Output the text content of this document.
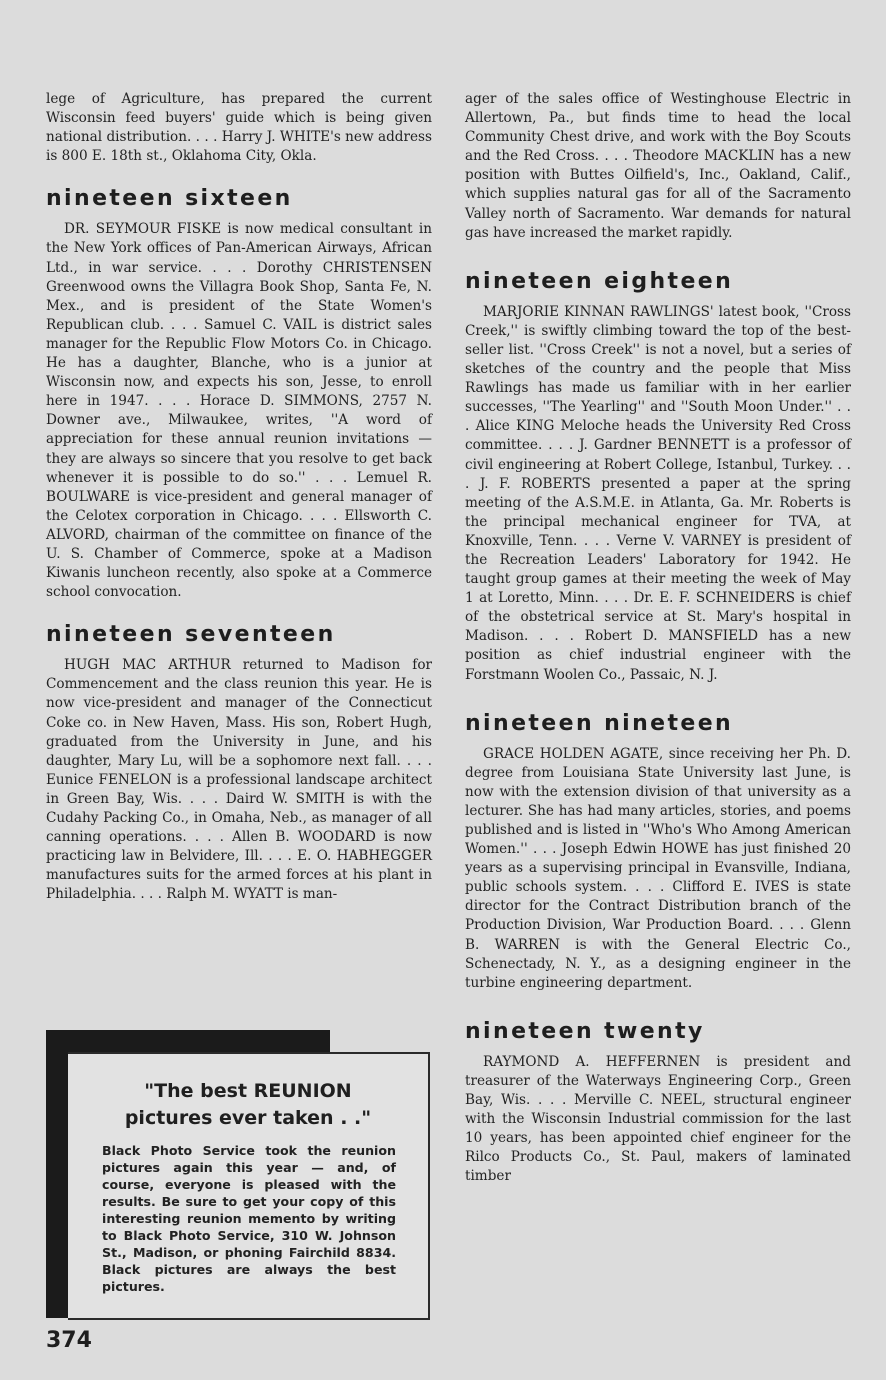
lege of Agriculture, has prepared the current Wisconsin feed buyers' guide which is being given national distribution. . . . Harry J. WHITE's new address is 800 E. 18th st., Oklahoma City, Okla.

nineteen sixteen

DR. SEYMOUR FISKE is now medical consultant in the New York offices of Pan-American Airways, African Ltd., in war service. . . . Dorothy CHRISTENSEN Greenwood owns the Villagra Book Shop, Santa Fe, N. Mex., and is president of the State Women's Republican club. . . . Samuel C. VAIL is district sales manager for the Republic Flow Motors Co. in Chicago. He has a daughter, Blanche, who is a junior at Wisconsin now, and expects his son, Jesse, to enroll here in 1947. . . . Horace D. SIMMONS, 2757 N. Downer ave., Milwaukee, writes, ''A word of appreciation for these annual reunion invitations — they are always so sincere that you resolve to get back whenever it is possible to do so.'' . . . Lemuel R. BOULWARE is vice-president and general manager of the Celotex corporation in Chicago. . . . Ellsworth C. ALVORD, chairman of the committee on finance of the U. S. Chamber of Commerce, spoke at a Madison Kiwanis luncheon recently, also spoke at a Commerce school convocation.

nineteen seventeen

HUGH MAC ARTHUR returned to Madison for Commencement and the class reunion this year. He is now vice-president and manager of the Connecticut Coke co. in New Haven, Mass. His son, Robert Hugh, graduated from the University in June, and his daughter, Mary Lu, will be a sophomore next fall. . . . Eunice FENELON is a professional landscape architect in Green Bay, Wis. . . . Daird W. SMITH is with the Cudahy Packing Co., in Omaha, Neb., as manager of all canning operations. . . . Allen B. WOODARD is now practicing law in Belvidere, Ill. . . . E. O. HABHEGGER manufactures suits for the armed forces at his plant in Philadelphia. . . . Ralph M. WYATT is man-

ager of the sales office of Westinghouse Electric in Allertown, Pa., but finds time to head the local Community Chest drive, and work with the Boy Scouts and the Red Cross. . . . Theodore MACKLIN has a new position with Buttes Oilfield's, Inc., Oakland, Calif., which supplies natural gas for all of the Sacramento Valley north of Sacramento. War demands for natural gas have increased the market rapidly.

nineteen eighteen

MARJORIE KINNAN RAWLINGS' latest book, ''Cross Creek,'' is swiftly climbing toward the top of the best-seller list. ''Cross Creek'' is not a novel, but a series of sketches of the country and the people that Miss Rawlings has made us familiar with in her earlier successes, ''The Yearling'' and ''South Moon Under.'' . . . Alice KING Meloche heads the University Red Cross committee. . . . J. Gardner BENNETT is a professor of civil engineering at Robert College, Istanbul, Turkey. . . . J. F. ROBERTS presented a paper at the spring meeting of the A.S.M.E. in Atlanta, Ga. Mr. Roberts is the principal mechanical engineer for TVA, at Knoxville, Tenn. . . . Verne V. VARNEY is president of the Recreation Leaders' Laboratory for 1942. He taught group games at their meeting the week of May 1 at Loretto, Minn. . . . Dr. E. F. SCHNEIDERS is chief of the obstetrical service at St. Mary's hospital in Madison. . . . Robert D. MANSFIELD has a new position as chief industrial engineer with the Forstmann Woolen Co., Passaic, N. J.

nineteen nineteen

GRACE HOLDEN AGATE, since receiving her Ph. D. degree from Louisiana State University last June, is now with the extension division of that university as a lecturer. She has had many articles, stories, and poems published and is listed in ''Who's Who Among American Women.'' . . . Joseph Edwin HOWE has just finished 20 years as a supervising principal in Evansville, Indiana, public schools system. . . . Clifford E. IVES is state director for the Contract Distribution branch of the Production Division, War Production Board. . . . Glenn B. WARREN is with the General Electric Co., Schenectady, N. Y., as a designing engineer in the turbine engineering department.

nineteen twenty

RAYMOND A. HEFFERNEN is president and treasurer of the Waterways Engineering Corp., Green Bay, Wis. . . . Merville C. NEEL, structural engineer with the Wisconsin Industrial commission for the last 10 years, has been appointed chief engineer for the Rilco Products Co., St. Paul, makers of laminated timber

"The best REUNION
pictures ever taken . ."
Black Photo Service took the reunion pictures again this year — and, of course, everyone is pleased with the results. Be sure to get your copy of this interesting reunion memento by writing to Black Photo Service, 310 W. Johnson St., Madison, or phoning Fairchild 8834. Black pictures are always the best pictures.
374
